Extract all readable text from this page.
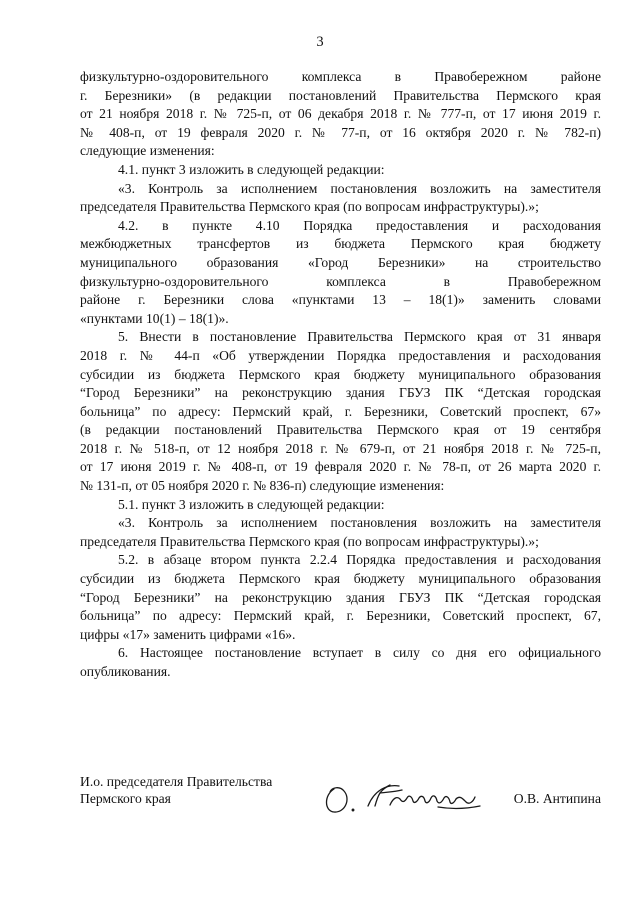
3
физкультурно-оздоровительного комплекса в Правобережном районе
г. Березники» (в редакции постановлений Правительства Пермского края
от 21 ноября 2018 г. № 725-п, от 06 декабря 2018 г. № 777-п, от 17 июня 2019 г.
№ 408-п, от 19 февраля 2020 г. № 77-п, от 16 октября 2020 г. № 782-п)
следующие изменения:
4.1. пункт 3 изложить в следующей редакции:
«3. Контроль за исполнением постановления возложить на заместителя
председателя Правительства Пермского края (по вопросам инфраструктуры).»;
4.2. в пункте 4.10 Порядка предоставления и расходования
межбюджетных трансфертов из бюджета Пермского края бюджету
муниципального образования «Город Березники» на строительство
физкультурно-оздоровительного комплекса в Правобережном
районе г. Березники слова «пунктами 13 – 18(1)» заменить словами
«пунктами 10(1) – 18(1)».
5. Внести в постановление Правительства Пермского края от 31 января
2018 г. № 44-п «Об утверждении Порядка предоставления и расходования
субсидии из бюджета Пермского края бюджету муниципального образования
“Город Березники” на реконструкцию здания ГБУЗ ПК “Детская городская
больница” по адресу: Пермский край, г. Березники, Советский проспект, 67»
(в редакции постановлений Правительства Пермского края от 19 сентября
2018 г. № 518-п, от 12 ноября 2018 г. № 679-п, от 21 ноября 2018 г. № 725-п,
от 17 июня 2019 г. № 408-п, от 19 февраля 2020 г. № 78-п, от 26 марта 2020 г.
№ 131-п, от 05 ноября 2020 г. № 836-п) следующие изменения:
5.1. пункт 3 изложить в следующей редакции:
«3. Контроль за исполнением постановления возложить на заместителя
председателя Правительства Пермского края (по вопросам инфраструктуры).»;
5.2. в абзаце втором пункта 2.2.4 Порядка предоставления и расходования
субсидии из бюджета Пермского края бюджету муниципального образования
“Город Березники” на реконструкцию здания ГБУЗ ПК “Детская городская
больница” по адресу: Пермский край, г. Березники, Советский проспект, 67,
цифры «17» заменить цифрами «16».
6. Настоящее постановление вступает в силу со дня его официального
опубликования.
И.о. председателя Правительства
Пермского края	О.В. Антипина
